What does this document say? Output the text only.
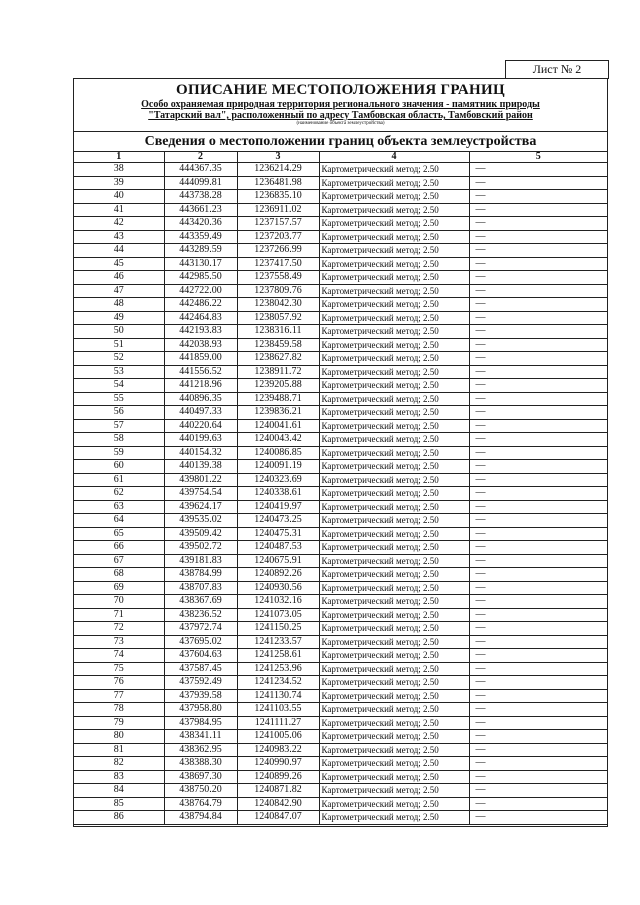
Лист № 2
ОПИСАНИЕ МЕСТОПОЛОЖЕНИЯ ГРАНИЦ
Особо охраняемая природная территория регионального значения - памятник природы
"Татарский вал", расположенный по адресу Тамбовская область, Тамбовский район
(наименование объекта землеустройства)
Сведения о местоположении границ объекта землеустройства
1	2	3	4	5
38	444367.35	1236214.29	Картометрический метод; 2.50	—
39	444099.81	1236481.98	Картометрический метод; 2.50	—
40	443738.28	1236835.10	Картометрический метод; 2.50	—
41	443661.23	1236911.02	Картометрический метод; 2.50	—
42	443420.36	1237157.57	Картометрический метод; 2.50	—
43	443359.49	1237203.77	Картометрический метод; 2.50	—
44	443289.59	1237266.99	Картометрический метод; 2.50	—
45	443130.17	1237417.50	Картометрический метод; 2.50	—
46	442985.50	1237558.49	Картометрический метод; 2.50	—
47	442722.00	1237809.76	Картометрический метод; 2.50	—
48	442486.22	1238042.30	Картометрический метод; 2.50	—
49	442464.83	1238057.92	Картометрический метод; 2.50	—
50	442193.83	1238316.11	Картометрический метод; 2.50	—
51	442038.93	1238459.58	Картометрический метод; 2.50	—
52	441859.00	1238627.82	Картометрический метод; 2.50	—
53	441556.52	1238911.72	Картометрический метод; 2.50	—
54	441218.96	1239205.88	Картометрический метод; 2.50	—
55	440896.35	1239488.71	Картометрический метод; 2.50	—
56	440497.33	1239836.21	Картометрический метод; 2.50	—
57	440220.64	1240041.61	Картометрический метод; 2.50	—
58	440199.63	1240043.42	Картометрический метод; 2.50	—
59	440154.32	1240086.85	Картометрический метод; 2.50	—
60	440139.38	1240091.19	Картометрический метод; 2.50	—
61	439801.22	1240323.69	Картометрический метод; 2.50	—
62	439754.54	1240338.61	Картометрический метод; 2.50	—
63	439624.17	1240419.97	Картометрический метод; 2.50	—
64	439535.02	1240473.25	Картометрический метод; 2.50	—
65	439509.42	1240475.31	Картометрический метод; 2.50	—
66	439502.72	1240487.53	Картометрический метод; 2.50	—
67	439181.83	1240675.91	Картометрический метод; 2.50	—
68	438784.99	1240892.26	Картометрический метод; 2.50	—
69	438707.83	1240930.56	Картометрический метод; 2.50	—
70	438367.69	1241032.16	Картометрический метод; 2.50	—
71	438236.52	1241073.05	Картометрический метод; 2.50	—
72	437972.74	1241150.25	Картометрический метод; 2.50	—
73	437695.02	1241233.57	Картометрический метод; 2.50	—
74	437604.63	1241258.61	Картометрический метод; 2.50	—
75	437587.45	1241253.96	Картометрический метод; 2.50	—
76	437592.49	1241234.52	Картометрический метод; 2.50	—
77	437939.58	1241130.74	Картометрический метод; 2.50	—
78	437958.80	1241103.55	Картометрический метод; 2.50	—
79	437984.95	1241111.27	Картометрический метод; 2.50	—
80	438341.11	1241005.06	Картометрический метод; 2.50	—
81	438362.95	1240983.22	Картометрический метод; 2.50	—
82	438388.30	1240990.97	Картометрический метод; 2.50	—
83	438697.30	1240899.26	Картометрический метод; 2.50	—
84	438750.20	1240871.82	Картометрический метод; 2.50	—
85	438764.79	1240842.90	Картометрический метод; 2.50	—
86	438794.84	1240847.07	Картометрический метод; 2.50	—
